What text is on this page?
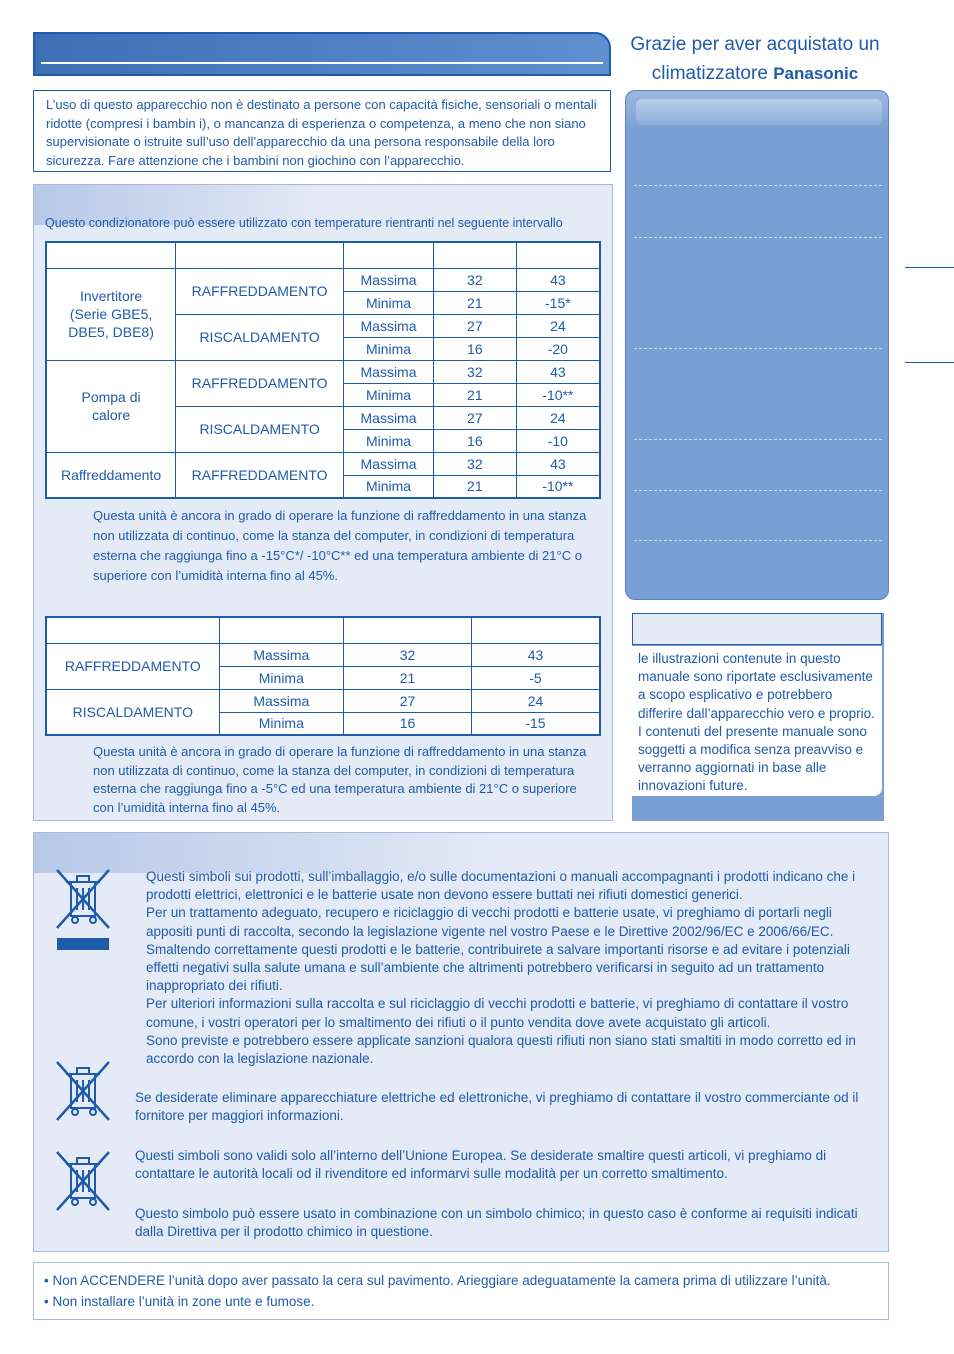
Grazie per aver acquistato un
climatizzatore Panasonic
L’uso di questo apparecchio non è destinato a persone con capacità fisiche, sensoriali o mentali ridotte (compresi i bambin i), o mancanza di esperienza o competenza, a meno che non siano supervisionate o istruite sull’uso dell’apparecchio da una persona responsabile della loro sicurezza. Fare attenzione che i bambini non giochino con l’apparecchio.
Questo condizionatore può essere utilizzato con temperature rientranti nel seguente intervallo

Invertitore (Serie GBE5, DBE5, DBE8)	RAFFREDDAMENTO	Massima	32	43
		Minima	21	-15*
	RISCALDAMENTO	Massima	27	24
		Minima	16	-20
Pompa di calore	RAFFREDDAMENTO	Massima	32	43
		Minima	21	-10**
	RISCALDAMENTO	Massima	27	24
		Minima	16	-10
Raffreddamento	RAFFREDDAMENTO	Massima	32	43
		Minima	21	-10**
Questa unità è ancora in grado di operare la funzione di raffreddamento in una stanza non utilizzata di continuo, come la stanza del computer, in condizioni di temperatura esterna che raggiunga fino a -15°C*/ -10°C** ed una temperatura ambiente di 21°C o superiore con l’umidità interna fino al 45%.

RAFFREDDAMENTO	Massima	32	43
	Minima	21	-5
RISCALDAMENTO	Massima	27	24
	Minima	16	-15
Questa unità è ancora in grado di operare la funzione di raffreddamento in una stanza non utilizzata di continuo, come la stanza del computer, in condizioni di temperatura esterna che raggiunga fino a -5°C ed una temperatura ambiente di 21°C o superiore con l’umidità interna fino al 45%.
le illustrazioni contenute in questo manuale sono riportate esclusivamente a scopo esplicativo e potrebbero differire dall’apparecchio vero e proprio. I contenuti del presente manuale sono soggetti a modifica senza preavviso e verranno aggiornati in base alle innovazioni future.
Questi simboli sui prodotti, sull’imballaggio, e/o sulle documentazioni o manuali accompagnanti i prodotti indicano che i prodotti elettrici, elettronici e le batterie usate non devono essere buttati nei rifiuti domestici generici.
Per un trattamento adeguato, recupero e riciclaggio di vecchi prodotti e batterie usate, vi preghiamo di portarli negli appositi punti di raccolta, secondo la legislazione vigente nel vostro Paese e le Direttive 2002/96/EC e 2006/66/EC.
Smaltendo correttamente questi prodotti e le batterie, contribuirete a salvare importanti risorse e ad evitare i potenziali effetti negativi sulla salute umana e sull’ambiente che altrimenti potrebbero verificarsi in seguito ad un trattamento inappropriato dei rifiuti.
Per ulteriori informazioni sulla raccolta e sul riciclaggio di vecchi prodotti e batterie, vi preghiamo di contattare il vostro comune, i vostri operatori per lo smaltimento dei rifiuti o il punto vendita dove avete acquistato gli articoli.
Sono previste e potrebbero essere applicate sanzioni qualora questi rifiuti non siano stati smaltiti in modo corretto ed in accordo con la legislazione nazionale.
Se desiderate eliminare apparecchiature elettriche ed elettroniche, vi preghiamo di contattare il vostro commerciante od il fornitore per maggiori informazioni.
Questi simboli sono validi solo all’interno dell’Unione Europea. Se desiderate smaltire questi articoli, vi preghiamo di contattare le autorità locali od il rivenditore ed informarvi sulle modalità per un corretto smaltimento.
Questo simbolo può essere usato in combinazione con un simbolo chimico; in questo caso è conforme ai requisiti indicati dalla Direttiva per il prodotto chimico in questione.
• Non ACCENDERE l’unità dopo aver passato la cera sul pavimento. Arieggiare adeguatamente la camera prima di utilizzare l’unità.
• Non installare l’unità in zone unte e fumose.
